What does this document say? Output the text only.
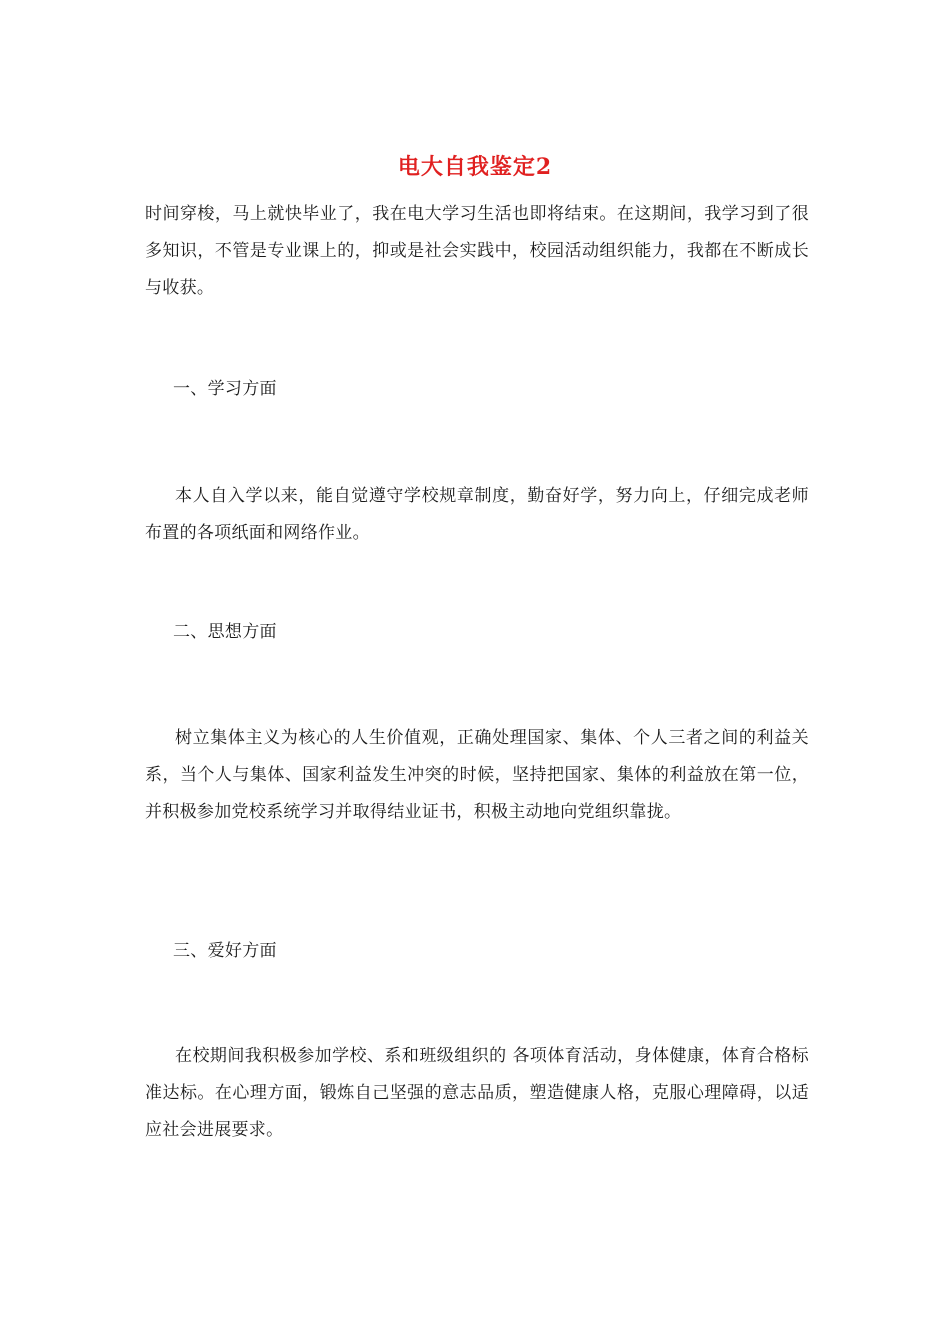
电大自我鉴定2

时间穿梭，马上就快毕业了，我在电大学习生活也即将结束。在这期间，我学习到了很多知识，不管是专业课上的，抑或是社会实践中，校园活动组织能力，我都在不断成长与收获。

一、学习方面

本人自入学以来，能自觉遵守学校规章制度，勤奋好学，努力向上，仔细完成老师布置的各项纸面和网络作业。

二、思想方面

树立集体主义为核心的人生价值观，正确处理国家、集体、个人三者之间的利益关系，当个人与集体、国家利益发生冲突的时候，坚持把国家、集体的利益放在第一位，并积极参加党校系统学习并取得结业证书，积极主动地向党组织靠拢。

三、爱好方面

在校期间我积极参加学校、系和班级组织的 各项体育活动，身体健康，体育合格标准达标。在心理方面，锻炼自己坚强的意志品质，塑造健康人格，克服心理障碍，以适应社会进展要求。
